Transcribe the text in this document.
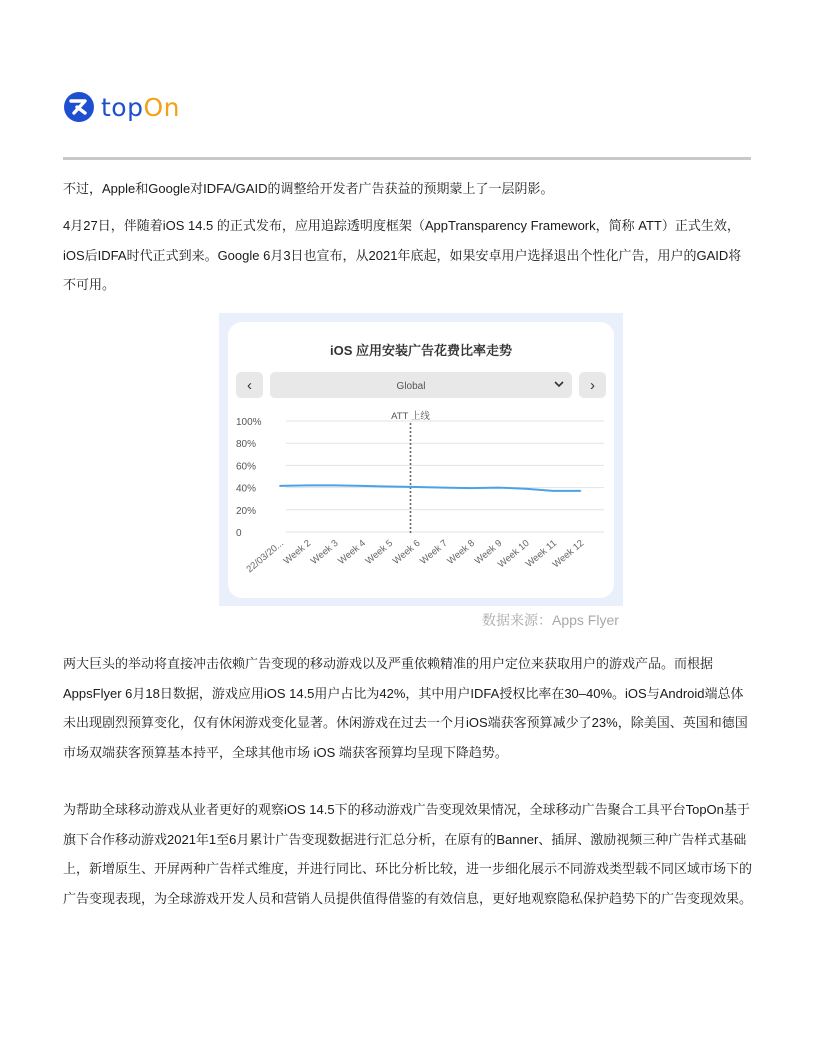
topOn

不过，Apple和Google对IDFA/GAID的调整给开发者广告获益的预期蒙上了一层阴影。

4月27日，伴随着iOS 14.5 的正式发布，应用追踪透明度框架（AppTransparency Framework，简称 ATT）正式生效，iOS后IDFA时代正式到来。Google 6月3日也宣布，从2021年底起，如果安卓用户选择退出个性化广告，用户的GAID将不可用。

iOS 应用安装广告花费比率走势
‹	Global	›
100%
80%
60%
40%
20%
0
ATT 上线
22/03/20...
Week 2
Week 3
Week 4
Week 5
Week 6
Week 7
Week 8
Week 9
Week 10
Week 11
Week 12
数据来源：Apps Flyer

两大巨头的举动将直接冲击依赖广告变现的移动游戏以及严重依赖精准的用户定位来获取用户的游戏产品。而根据AppsFlyer 6月18日数据，游戏应用iOS 14.5用户占比为42%，其中用户IDFA授权比率在30–40%。iOS与Android端总体未出现剧烈预算变化，仅有休闲游戏变化显著。休闲游戏在过去一个月iOS端获客预算减少了23%，除美国、英国和德国市场双端获客预算基本持平，全球其他市场 iOS 端获客预算均呈现下降趋势。

为帮助全球移动游戏从业者更好的观察iOS 14.5下的移动游戏广告变现效果情况，全球移动广告聚合工具平台TopOn基于旗下合作移动游戏2021年1至6月累计广告变现数据进行汇总分析，在原有的Banner、插屏、激励视频三种广告样式基础上，新增原生、开屏两种广告样式维度，并进行同比、环比分析比较，进一步细化展示不同游戏类型载不同区域市场下的广告变现表现，为全球游戏开发人员和营销人员提供值得借鉴的有效信息，更好地观察隐私保护趋势下的广告变现效果。
